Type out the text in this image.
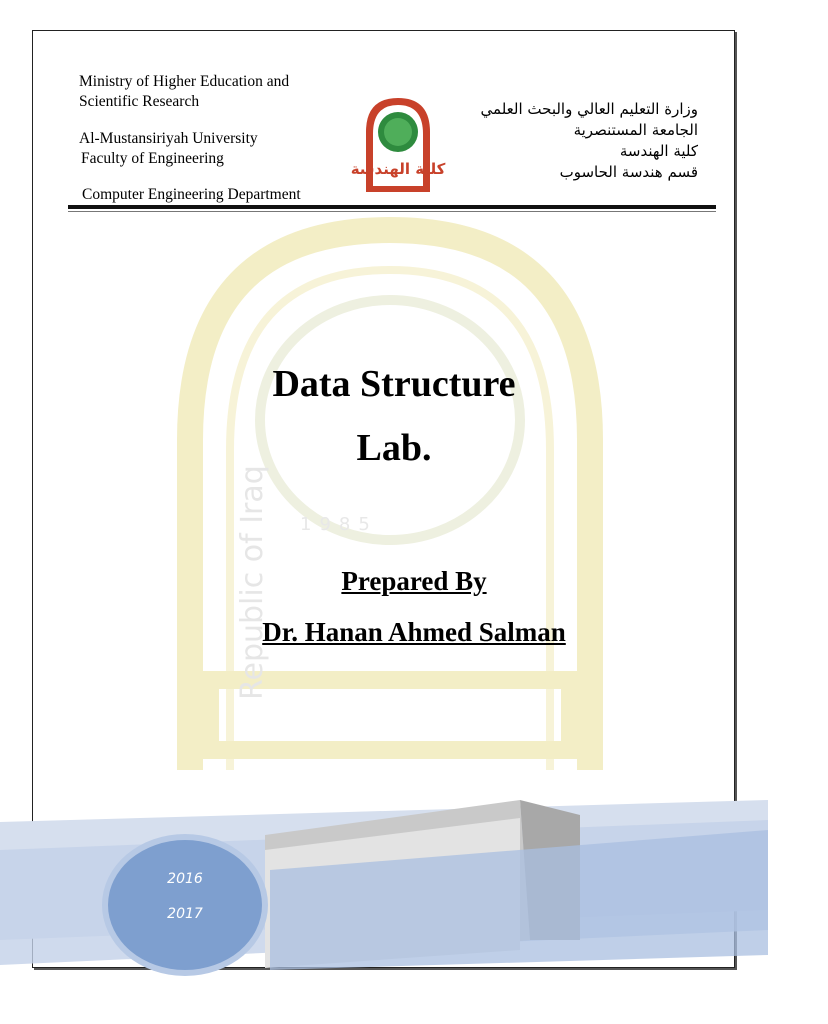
1985
Republic of Iraq
Ministry of Higher Education and
Scientific Research
Al-Mustansiriyah University
Faculty of Engineering
Computer Engineering Department
كلية الهندسة
وزارة التعليم العالي والبحث العلمي
الجامعة المستنصرية
كلية الهندسة
قسم هندسة الحاسوب
Data Structure
Lab.
Prepared By
Dr. Hanan Ahmed Salman
2016
2017
